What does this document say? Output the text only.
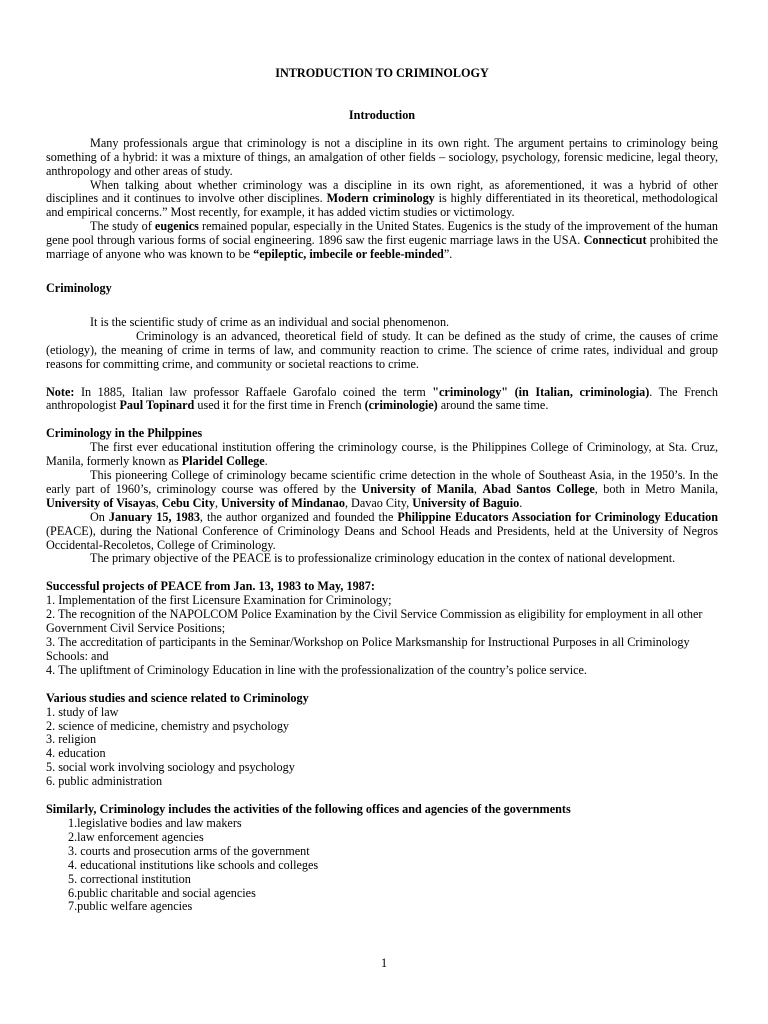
INTRODUCTION TO CRIMINOLOGY

Introduction

Many professionals argue that criminology is not a discipline in its own right. The argument pertains to criminology being something of a hybrid: it was a mixture of things, an amalgation of other fields – sociology, psychology, forensic medicine, legal theory, anthropology and other areas of study.

When talking about whether criminology was a discipline in its own right, as aforementioned, it was a hybrid of other disciplines and it continues to involve other disciplines. Modern criminology is highly differentiated in its theoretical, methodological and empirical concerns.” Most recently, for example, it has added victim studies or victimology.

The study of eugenics remained popular, especially in the United States. Eugenics is the study of the improvement of the human gene pool through various forms of social engineering. 1896 saw the first eugenic marriage laws in the USA. Connecticut prohibited the marriage of anyone who was known to be “epileptic, imbecile or feeble-minded”.

Criminology

It is the scientific study of crime as an individual and social phenomenon.

Criminology is an advanced, theoretical field of study. It can be defined as the study of crime, the causes of crime (etiology), the meaning of crime in terms of law, and community reaction to crime. The science of crime rates, individual and group reasons for committing crime, and community or societal reactions to crime.

Note: In 1885, Italian law professor Raffaele Garofalo coined the term "criminology" (in Italian, criminologia). The French anthropologist Paul Topinard used it for the first time in French (criminologie) around the same time.

Criminology in the Philppines

The first ever educational institution offering the criminology course, is the Philippines College of Criminology, at Sta. Cruz, Manila, formerly known as Plaridel College.

This pioneering College of criminology became scientific crime detection in the whole of Southeast Asia, in the 1950’s. In the early part of 1960’s, criminology course was offered by the University of Manila, Abad Santos College, both in Metro Manila, University of Visayas, Cebu City, University of Mindanao, Davao City, University of Baguio.

On January 15, 1983, the author organized and founded the Philippine Educators Association for Criminology Education (PEACE), during the National Conference of Criminology Deans and School Heads and Presidents, held at the University of Negros Occidental-Recoletos, College of Criminology.

The primary objective of the PEACE is to professionalize criminology education in the contex of national development.

Successful projects of PEACE from Jan. 13, 1983 to May, 1987:

1. Implementation of the first Licensure Examination for Criminology;
2. The recognition of the NAPOLCOM Police Examination by the Civil Service Commission as eligibility for employment in all other Government Civil Service Positions;
3. The accreditation of participants in the Seminar/Workshop on Police Marksmanship for Instructional Purposes in all Criminology Schools: and
4. The upliftment of Criminology Education in line with the professionalization of the country’s police service.

Various studies and science related to Criminology

1. study of law
2. science of medicine, chemistry and psychology
3. religion
4. education
5. social work involving sociology and psychology
6. public administration

Similarly, Criminology includes the activities of the following offices and agencies of the governments

1.legislative bodies and law makers
2.law enforcement agencies
3. courts and prosecution arms of the government
4. educational institutions like schools and colleges
5. correctional institution
6.public charitable and social agencies
7.public welfare agencies
1
